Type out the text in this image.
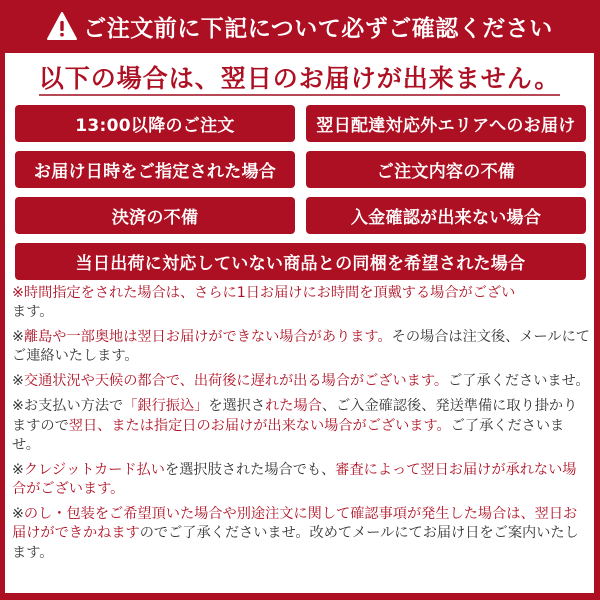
ご注文前に下記について必ずご確認ください
以下の場合は、翌日のお届けが出来ません。
13:00以降のご注文	翌日配達対応外エリアへのお届け
お届け日時をご指定された場合	ご注文内容の不備
決済の不備	入金確認が出来ない場合
当日出荷に対応していない商品との同梱を希望された場合
※時間指定をされた場合は、さらに1日お届けにお時間を頂戴する場合がござい
ます。
※離島や一部奥地は翌日お届けができない場合があります。その場合は注文後、メールにてご連絡いたします。
※交通状況や天候の都合で、出荷後に遅れが出る場合がございます。ご了承くださいませ。
※お支払い方法で「銀行振込」を選択された場合、ご入金確認後、発送準備に取り掛かりますので翌日、または指定日のお届けが出来ない場合がございます。ご了承くださいませ。
※クレジットカード払いを選択肢された場合でも、審査によって翌日お届けが承れない場合がございます。
※のし・包装をご希望頂いた場合や別途注文に関して確認事項が発生した場合は、翌日お届けができかねますのでご了承くださいませ。改めてメールにてお届け日をご案内いたします。
